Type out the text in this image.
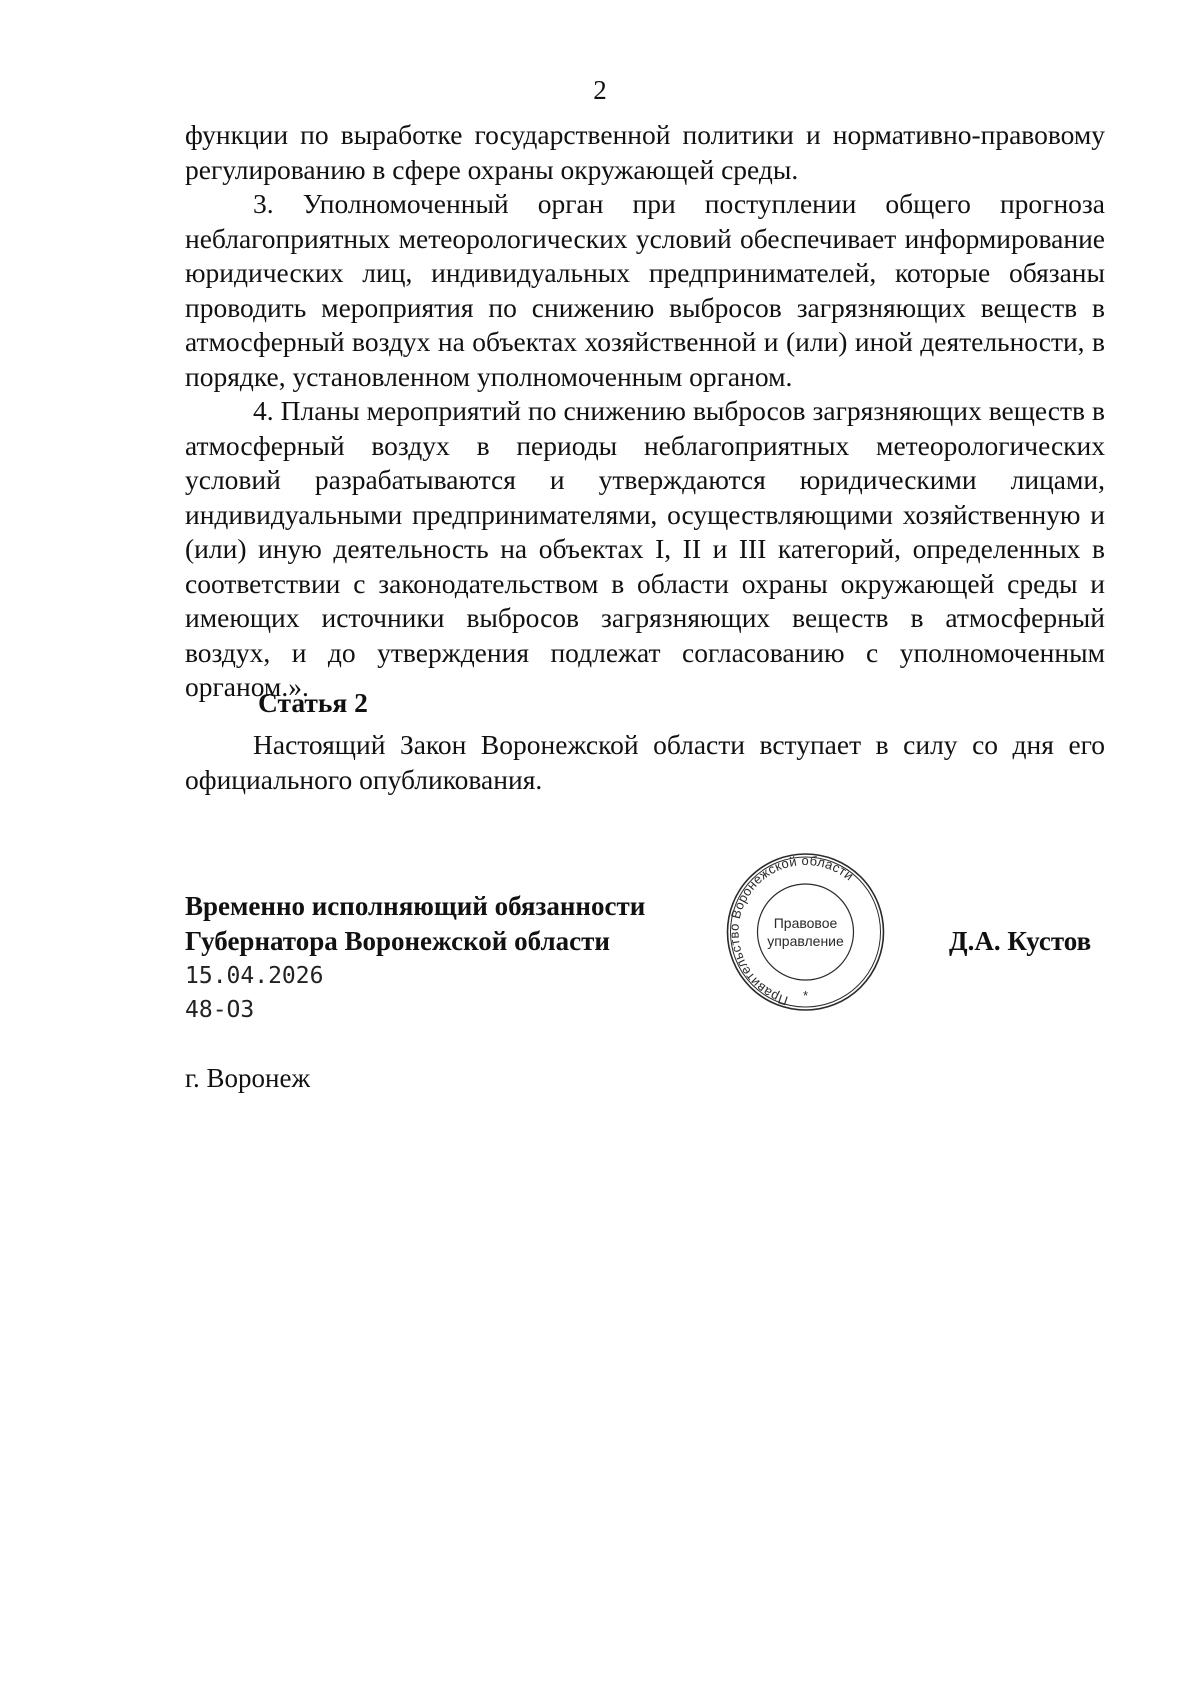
2

функции по выработке государственной политики и нормативно-правовому регулированию в сфере охраны окружающей среды.

3. Уполномоченный орган при поступлении общего прогноза неблагоприятных метеорологических условий обеспечивает информирование юридических лиц, индивидуальных предпринимателей, которые обязаны проводить мероприятия по снижению выбросов загрязняющих веществ в атмосферный воздух на объектах хозяйственной и (или) иной деятельности, в порядке, установленном уполномоченным органом.

4. Планы мероприятий по снижению выбросов загрязняющих веществ в атмосферный воздух в периоды неблагоприятных метеорологических условий разрабатываются и утверждаются юридическими лицами, индивидуальными предпринимателями, осуществляющими хозяйственную и (или) иную деятельность на объектах I, II и III категорий, определенных в соответствии с законодательством в области охраны окружающей среды и имеющих источники выбросов загрязняющих веществ в атмосферный воздух, и до утверждения подлежат согласованию с уполномоченным органом.».

Статья 2
Настоящий Закон Воронежской области вступает в силу со дня его официального опубликования.
Временно исполняющий обязанности
Губернатора Воронежской области
15.04.2026
48-ОЗ
Д.А. Кустов
г. Воронеж
Правительство Воронежской области
Правовое
управление
*
